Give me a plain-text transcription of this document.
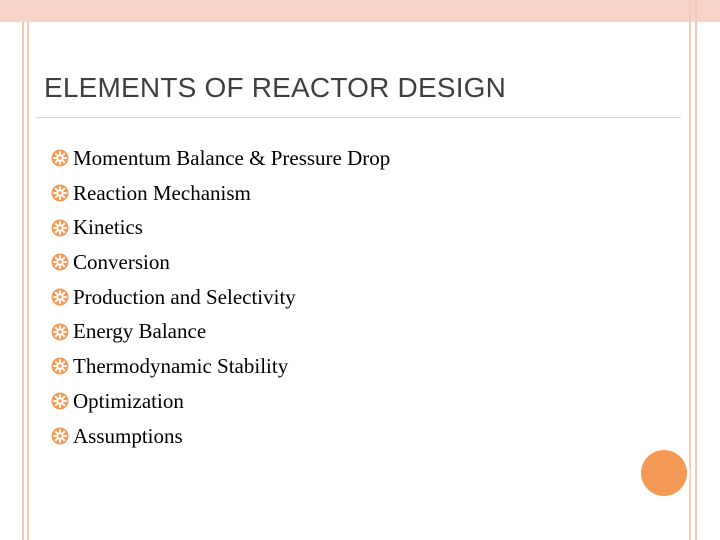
ELEMENTS OF REACTOR DESIGN
Momentum Balance & Pressure Drop
Reaction Mechanism
Kinetics
Conversion
Production and Selectivity
Energy Balance
Thermodynamic Stability
Optimization
Assumptions
